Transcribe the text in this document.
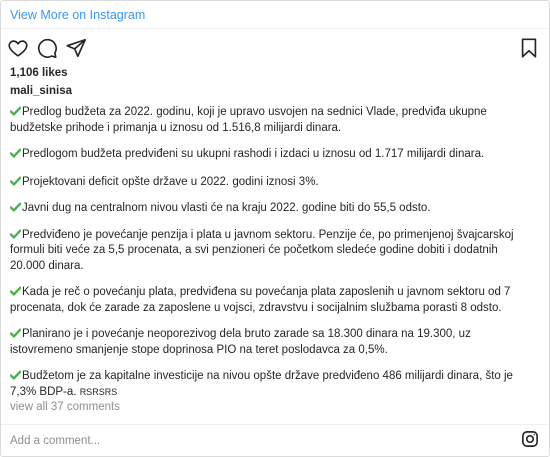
View More on Instagram
1,106 likes
mali_sinisa

Predlog budžeta za 2022. godinu, koji je upravo usvojen na sednici Vlade, predviđa ukupne budžetske prihode i primanja u iznosu od 1.516,8 milijardi dinara.

Predlogom budžeta predviđeni su ukupni rashodi i izdaci u iznosu od 1.717 milijardi dinara.

Projektovani deficit opšte države u 2022. godini iznosi 3%.

Javni dug na centralnom nivou vlasti će na kraju 2022. godine biti do 55,5 odsto.

Predviđeno je povećanje penzija i plata u javnom sektoru. Penzije će, po primenjenoj švajcarskoj formuli biti veće za 5,5 procenata, a svi penzioneri će početkom sledeće godine dobiti i dodatnih 20.000 dinara.

Kada je reč o povećanju plata, predviđena su povećanja plata zaposlenih u javnom sektoru od 7 procenata, dok će zarade za zaposlene u vojsci, zdravstvu i socijalnim službama porasti 8 odsto.

Planirano je i povećanje neoporezivog dela bruto zarade sa 18.300 dinara na 19.300, uz istovremeno smanjenje stope doprinosa PIO na teret poslodavca za 0,5%.

Budžetom je za kapitalne investicije na nivou opšte države predviđeno 486 milijardi dinara, što je 7,3% BDP-a. RSRSRS

view all 37 comments
Add a comment...
